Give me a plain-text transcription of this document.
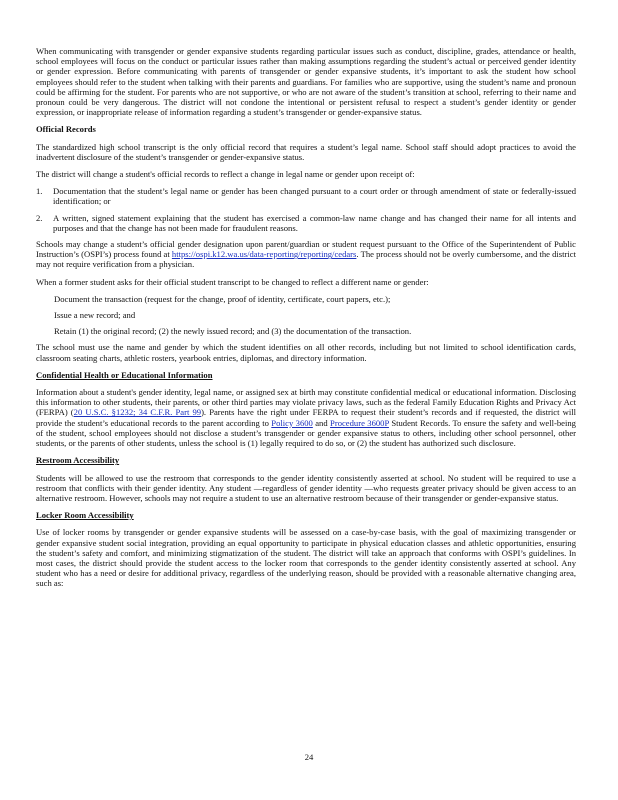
When communicating with transgender or gender expansive students regarding particular issues such as conduct, discipline, grades, attendance or health, school employees will focus on the conduct or particular issues rather than making assumptions regarding the student’s actual or perceived gender identity or gender expression. Before communicating with parents of transgender or gender expansive students, it’s important to ask the student how school employees should refer to the student when talking with their parents and guardians. For families who are supportive, using the student’s name and pronoun could be affirming for the student. For parents who are not supportive, or who are not aware of the student’s transition at school, referring to their name and pronoun could be very dangerous. The district will not condone the intentional or persistent refusal to respect a student’s gender identity or gender expression, or inappropriate release of information regarding a student’s transgender or gender-expansive status.

Official Records

The standardized high school transcript is the only official record that requires a student’s legal name. School staff should adopt practices to avoid the inadvertent disclosure of the student’s transgender or gender-expansive status.

The district will change a student's official records to reflect a change in legal name or gender upon receipt of:

1.	Documentation that the student’s legal name or gender has been changed pursuant to a court order or through amendment of state or federally-issued identification; or
2.	A written, signed statement explaining that the student has exercised a common-law name change and has changed their name for all intents and purposes and that the change has not been made for fraudulent reasons.

Schools may change a student’s official gender designation upon parent/guardian or student request pursuant to the Office of the Superintendent of Public Instruction’s (OSPI’s) process found at https://ospi.k12.wa.us/data-reporting/reporting/cedars. The process should not be overly cumbersome, and the district may not require verification from a physician.

When a former student asks for their official student transcript to be changed to reflect a different name or gender:

Document the transaction (request for the change, proof of identity, certificate, court papers, etc.);
Issue a new record; and
Retain (1) the original record; (2) the newly issued record; and (3) the documentation of the transaction.

The school must use the name and gender by which the student identifies on all other records, including but not limited to school identification cards, classroom seating charts, athletic rosters, yearbook entries, diplomas, and directory information.

Confidential Health or Educational Information

Information about a student's gender identity, legal name, or assigned sex at birth may constitute confidential medical or educational information. Disclosing this information to other students, their parents, or other third parties may violate privacy laws, such as the federal Family Education Rights and Privacy Act (FERPA) (20 U.S.C. §1232; 34 C.F.R. Part 99). Parents have the right under FERPA to request their student’s records and if requested, the district will provide the student’s educational records to the parent according to Policy 3600 and Procedure 3600P Student Records. To ensure the safety and well-being of the student, school employees should not disclose a student’s transgender or gender expansive status to others, including other school personnel, other students, or the parents of other students, unless the school is (1) legally required to do so, or (2) the student has authorized such disclosure.

Restroom Accessibility

Students will be allowed to use the restroom that corresponds to the gender identity consistently asserted at school. No student will be required to use a restroom that conflicts with their gender identity. Any student —regardless of gender identity —who requests greater privacy should be given access to an alternative restroom. However, schools may not require a student to use an alternative restroom because of their transgender or gender-expansive status.

Locker Room Accessibility

Use of locker rooms by transgender or gender expansive students will be assessed on a case-by-case basis, with the goal of maximizing transgender or gender expansive student social integration, providing an equal opportunity to participate in physical education classes and athletic opportunities, ensuring the student’s safety and comfort, and minimizing stigmatization of the student. The district will take an approach that conforms with OSPI’s guidelines. In most cases, the district should provide the student access to the locker room that corresponds to the gender identity consistently asserted at school. Any student who has a need or desire for additional privacy, regardless of the underlying reason, should be provided with a reasonable alternative changing area, such as:

24
